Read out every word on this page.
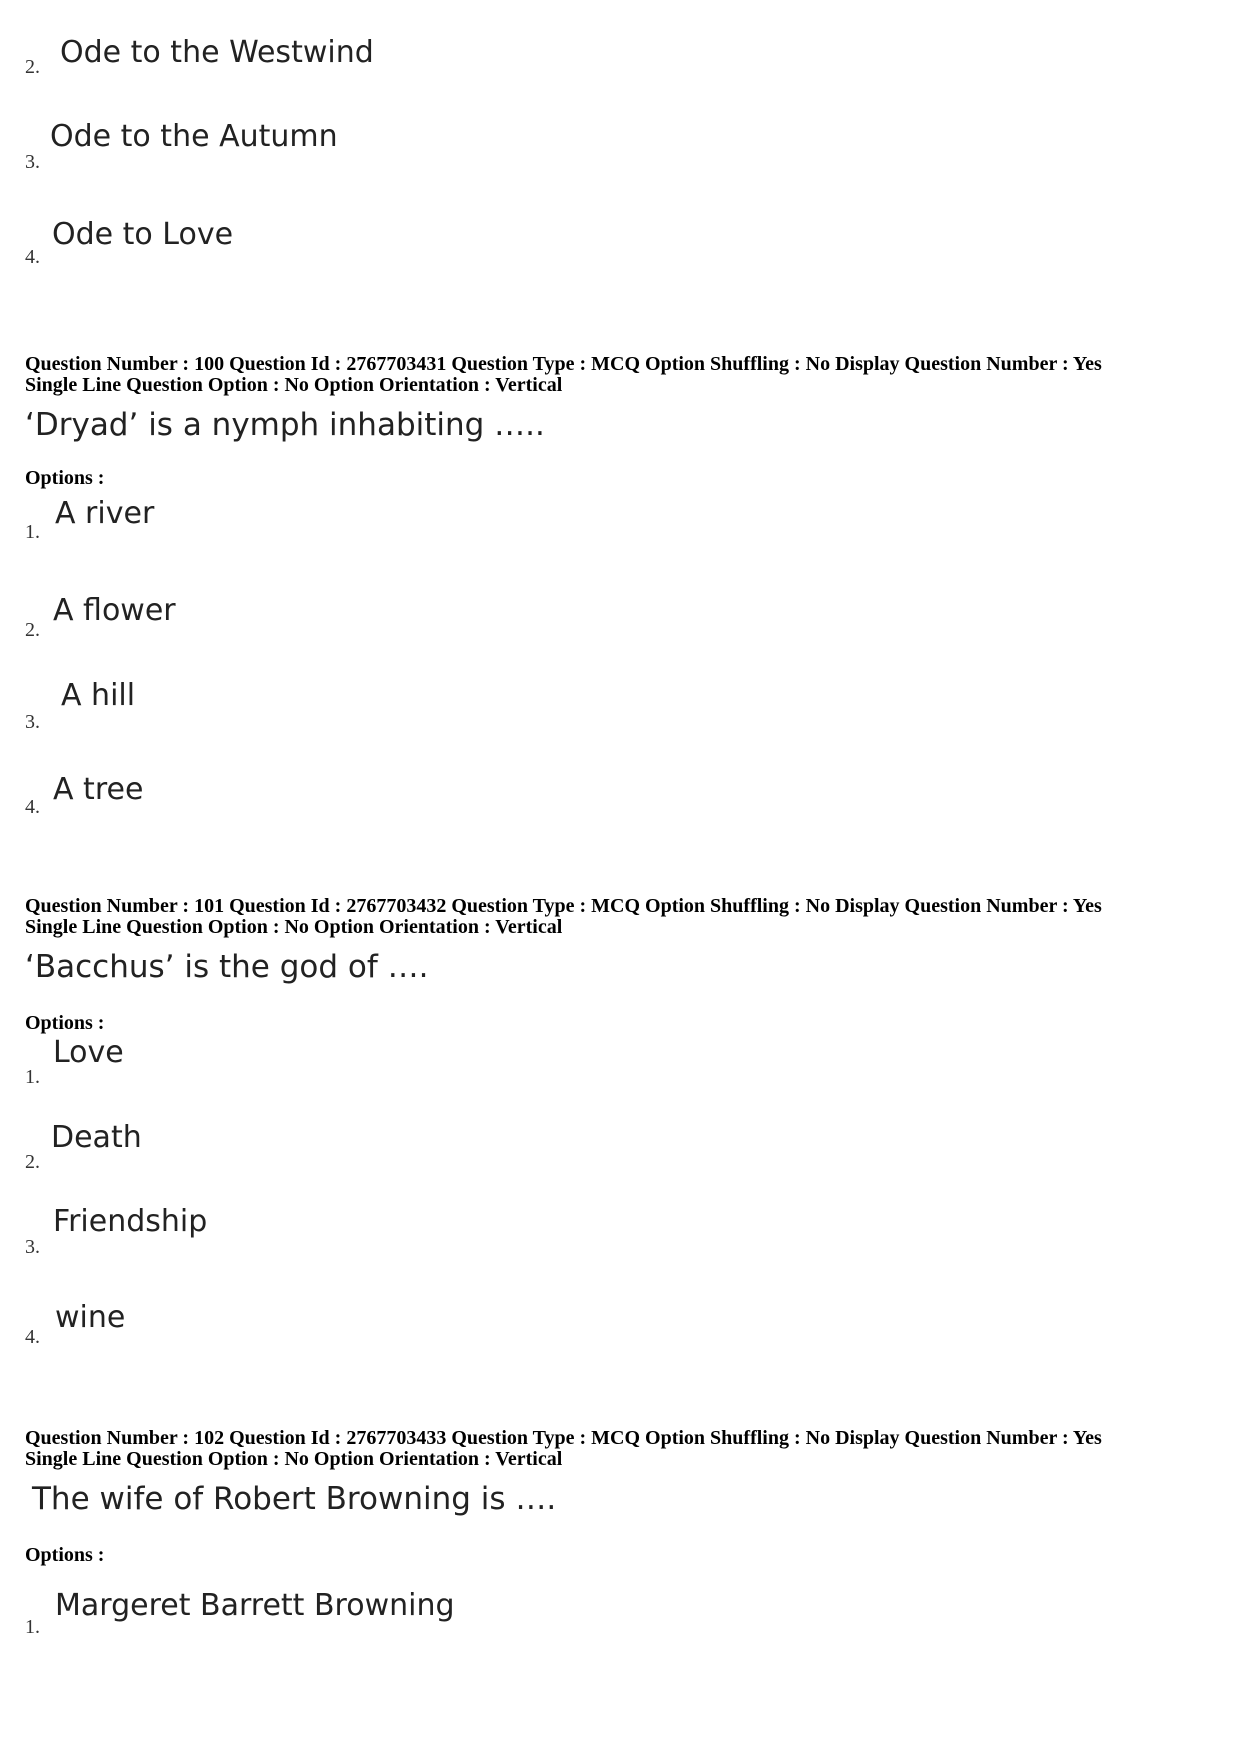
2. Ode to the Westwind
3.
Ode to the Autumn
4.
Ode to Love
Question Number : 100 Question Id : 2767703431 Question Type : MCQ Option Shuffling : No Display Question Number : Yes
Single Line Question Option : No Option Orientation : Vertical
‘Dryad’ is a nymph inhabiting …..
Options :
1.
A river
2.
A flower
3.
A hill
4. A tree
Question Number : 101 Question Id : 2767703432 Question Type : MCQ Option Shuffling : No Display Question Number : Yes
Single Line Question Option : No Option Orientation : Vertical
‘Bacchus’ is the god of ….
Options :
1.
Love
2.
Death
3.
Friendship
4.
wine
Question Number : 102 Question Id : 2767703433 Question Type : MCQ Option Shuffling : No Display Question Number : Yes
Single Line Question Option : No Option Orientation : Vertical
The wife of Robert Browning is ….
Options :
1.
Margeret Barrett Browning
